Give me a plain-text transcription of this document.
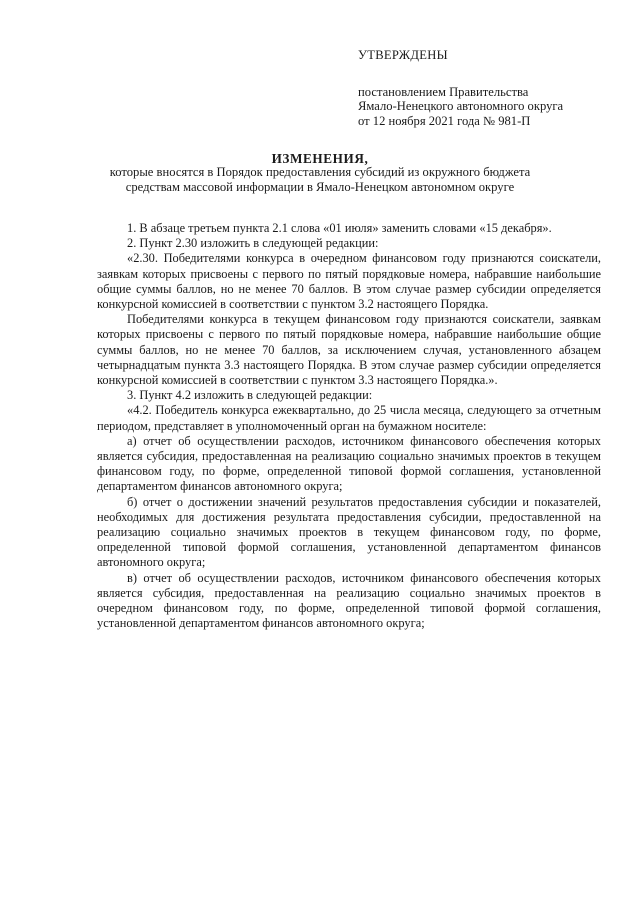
УТВЕРЖДЕНЫ
постановлением Правительства
Ямало-Ненецкого автономного округа
от 12 ноября 2021 года № 981-П
ИЗМЕНЕНИЯ,
которые вносятся в Порядок предоставления субсидий из окружного бюджета
средствам массовой информации в Ямало-Ненецком автономном округе

1. В абзаце третьем пункта 2.1 слова «01 июля» заменить словами «15 декабря».

2. Пункт 2.30 изложить в следующей редакции:

«2.30. Победителями конкурса в очередном финансовом году признаются соискатели, заявкам которых присвоены с первого по пятый порядковые номера, набравшие наибольшие общие суммы баллов, но не менее 70 баллов. В этом случае размер субсидии определяется конкурсной комиссией в соответствии с пунктом 3.2 настоящего Порядка.

Победителями конкурса в текущем финансовом году признаются соискатели, заявкам которых присвоены с первого по пятый порядковые номера, набравшие наибольшие общие суммы баллов, но не менее 70 баллов, за исключением случая, установленного абзацем четырнадцатым пункта 3.3 настоящего Порядка. В этом случае размер субсидии определяется конкурсной комиссией в соответствии с пунктом 3.3 настоящего Порядка.».

3. Пункт 4.2 изложить в следующей редакции:

«4.2. Победитель конкурса ежеквартально, до 25 числа месяца, следующего за отчетным периодом, представляет в уполномоченный орган на бумажном носителе:

а) отчет об осуществлении расходов, источником финансового обеспечения которых является субсидия, предоставленная на реализацию социально значимых проектов в текущем финансовом году, по форме, определенной типовой формой соглашения, установленной департаментом финансов автономного округа;

б) отчет о достижении значений результатов предоставления субсидии и показателей, необходимых для достижения результата предоставления субсидии, предоставленной на реализацию социально значимых проектов в текущем финансовом году, по форме, определенной типовой формой соглашения, установленной департаментом финансов автономного округа;

в) отчет об осуществлении расходов, источником финансового обеспечения которых является субсидия, предоставленная на реализацию социально значимых проектов в очередном финансовом году, по форме, определенной типовой формой соглашения, установленной департаментом финансов автономного округа;
